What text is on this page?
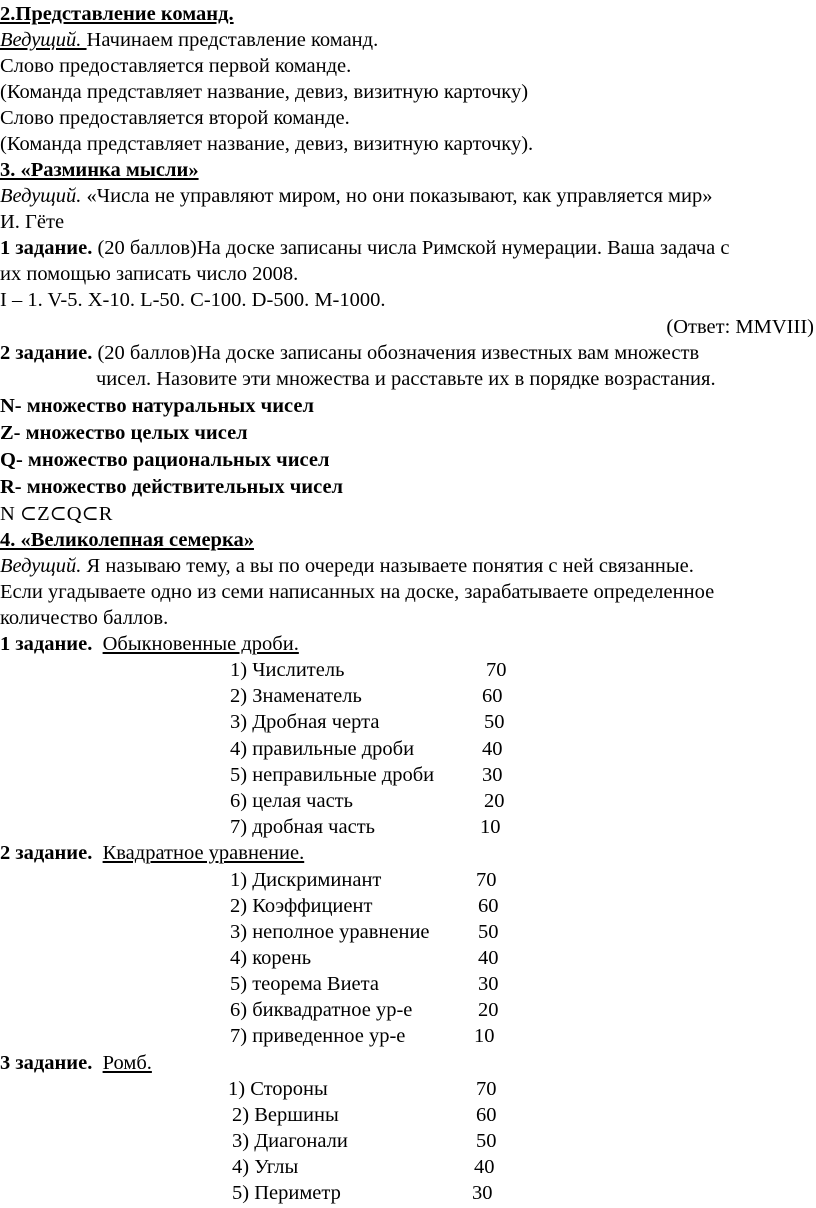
2.Представление команд.
Ведущий. Начинаем представление команд.
Слово предоставляется первой команде.
(Команда представляет название, девиз, визитную карточку)
Слово предоставляется второй команде.
(Команда представляет название, девиз, визитную карточку).
3. «Разминка мысли»
Ведущий. «Числа не управляют миром, но они показывают, как управляется мир»
И. Гёте
1 задание. (20 баллов)На доске записаны числа Римской нумерации. Ваша задача с
их помощью записать число 2008.
I – 1. V-5. X-10. L-50. C-100. D-500. M-1000.
(Ответ: MMVIII)
2 задание. (20 баллов)На доске записаны обозначения известных вам множеств
чисел. Назовите эти множества и расставьте их в порядке возрастания.
N- множество натуральных чисел
Z- множество целых чисел
Q- множество рациональных чисел
R- множество действительных чисел
N ⊂Z⊂Q⊂R
4. «Великолепная семерка»
Ведущий. Я называю тему, а вы по очереди называете понятия с ней связанные.
Если угадываете одно из семи написанных на доске, зарабатываете определенное
количество баллов.
1 задание. Обыкновенные дроби.
1) Числитель	70
2) Знаменатель	60
3) Дробная черта	50
4) правильные дроби	40
5) неправильные дроби 30
6) целая часть	20
7) дробная часть	10
2 задание. Квадратное уравнение.
1) Дискриминант	70
2) Коэффициент	60
3) неполное уравнение 50
4) корень	40
5) теорема Виета	30
6) биквадратное ур-е	20
7) приведенное ур-е	10
3 задание. Ромб.
1) Стороны	70
2) Вершины	60
3) Диагонали	50
4) Углы	40
5) Периметр	30
